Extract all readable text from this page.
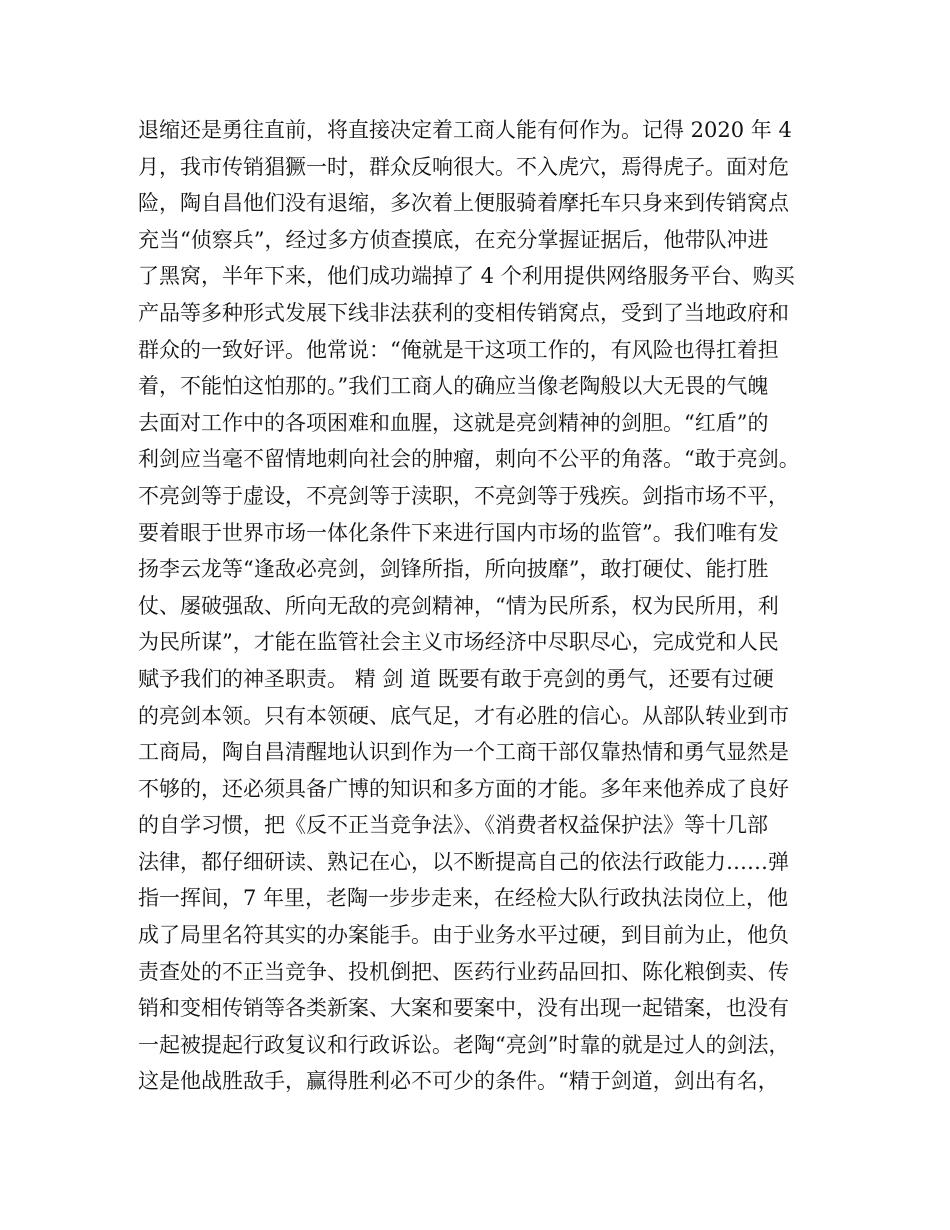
退缩还是勇往直前，将直接决定着工商人能有何作为。记得 2020 年 4
月，我市传销猖獗一时，群众反响很大。不入虎穴，焉得虎子。面对危
险，陶自昌他们没有退缩，多次着上便服骑着摩托车只身来到传销窝点
充当“侦察兵”，经过多方侦查摸底，在充分掌握证据后，他带队冲进
了黑窝，半年下来，他们成功端掉了 4 个利用提供网络服务平台、购买
产品等多种形式发展下线非法获利的变相传销窝点，受到了当地政府和
群众的一致好评。他常说：“俺就是干这项工作的，有风险也得扛着担
着，不能怕这怕那的。”我们工商人的确应当像老陶般以大无畏的气魄
去面对工作中的各项困难和血腥，这就是亮剑精神的剑胆。“红盾”的
利剑应当毫不留情地刺向社会的肿瘤，刺向不公平的角落。“敢于亮剑。
不亮剑等于虚设，不亮剑等于渎职，不亮剑等于残疾。剑指市场不平，
要着眼于世界市场一体化条件下来进行国内市场的监管”。我们唯有发
扬李云龙等“逢敌必亮剑，剑锋所指，所向披靡”，敢打硬仗、能打胜
仗、屡破强敌、所向无敌的亮剑精神，“情为民所系，权为民所用，利
为民所谋”，才能在监管社会主义市场经济中尽职尽心，完成党和人民
赋予我们的神圣职责。 精 剑 道 既要有敢于亮剑的勇气，还要有过硬
的亮剑本领。只有本领硬、底气足，才有必胜的信心。从部队转业到市
工商局，陶自昌清醒地认识到作为一个工商干部仅靠热情和勇气显然是
不够的，还必须具备广博的知识和多方面的才能。多年来他养成了良好
的自学习惯，把《反不正当竞争法》、《消费者权益保护法》等十几部
法律，都仔细研读、熟记在心，以不断提高自己的依法行政能力……弹
指一挥间，7 年里，老陶一步步走来，在经检大队行政执法岗位上，他
成了局里名符其实的办案能手。由于业务水平过硬，到目前为止，他负
责查处的不正当竞争、投机倒把、医药行业药品回扣、陈化粮倒卖、传
销和变相传销等各类新案、大案和要案中，没有出现一起错案，也没有
一起被提起行政复议和行政诉讼。老陶“亮剑”时靠的就是过人的剑法，
这是他战胜敌手，赢得胜利必不可少的条件。“精于剑道，剑出有名，
